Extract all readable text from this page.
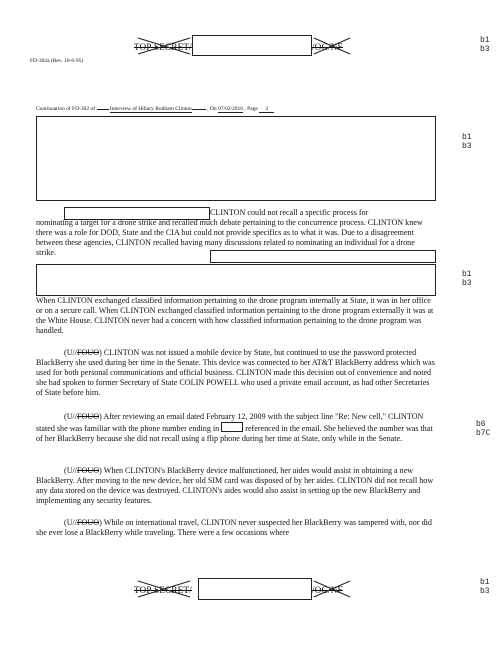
TOP SECRET/	/OC/NF
b1
b3
FD-302a (Rev. 10-6-95)
Continuation of FD-302 of	Interview of Hillary Rodham Clinton	, On 07/02/2016 , Page 3
b1
b3

CLINTON could not recall a specific process for

nominating a target for a drone strike and recalled much debate pertaining to the concurrence process. CLINTON knew there was a role for DOD, State and the CIA but could not provide specifics as to what it was. Due to a disagreement between these agencies, CLINTON recalled having many discussions related to nominating an individual for a drone strike.

b1
b3

When CLINTON exchanged classified information pertaining to the drone program internally at State, it was in her office or on a secure call. When CLINTON exchanged classified information pertaining to the drone program externally it was at the White House. CLINTON never had a concern with how classified information pertaining to the drone program was handled.

(U//FOUO) CLINTON was not issued a mobile device by State, but continued to use the password protected BlackBerry she used during her time in the Senate. This device was connected to her AT&T BlackBerry address which was used for both personal communications and official business. CLINTON made this decision out of convenience and noted she had spoken to former Secretary of State COLIN POWELL who used a private email account, as had other Secretaries of State before him.

(U//FOUO) After reviewing an email dated February 12, 2009 with the subject line "Re: New cell," CLINTON stated she was familiar with the phone number ending in	referenced in the email. She believed the number was that of her BlackBerry because she did not recall using a flip phone during her time at State, only while in the Senate.

b6
b7C

(U//FOUO) When CLINTON's BlackBerry device malfunctioned, her aides would assist in obtaining a new BlackBerry. After moving to the new device, her old SIM card was disposed of by her aides. CLINTON did not recall how any data stored on the device was destroyed. CLINTON's aides would also assist in setting up the new BlackBerry and implementing any security features.

(U//FOUO) While on international travel, CLINTON never suspected her BlackBerry was tampered with, nor did she ever lose a BlackBerry while traveling. There were a few occasions where

TOP SECRET/	/OC/NF
b1
b3
